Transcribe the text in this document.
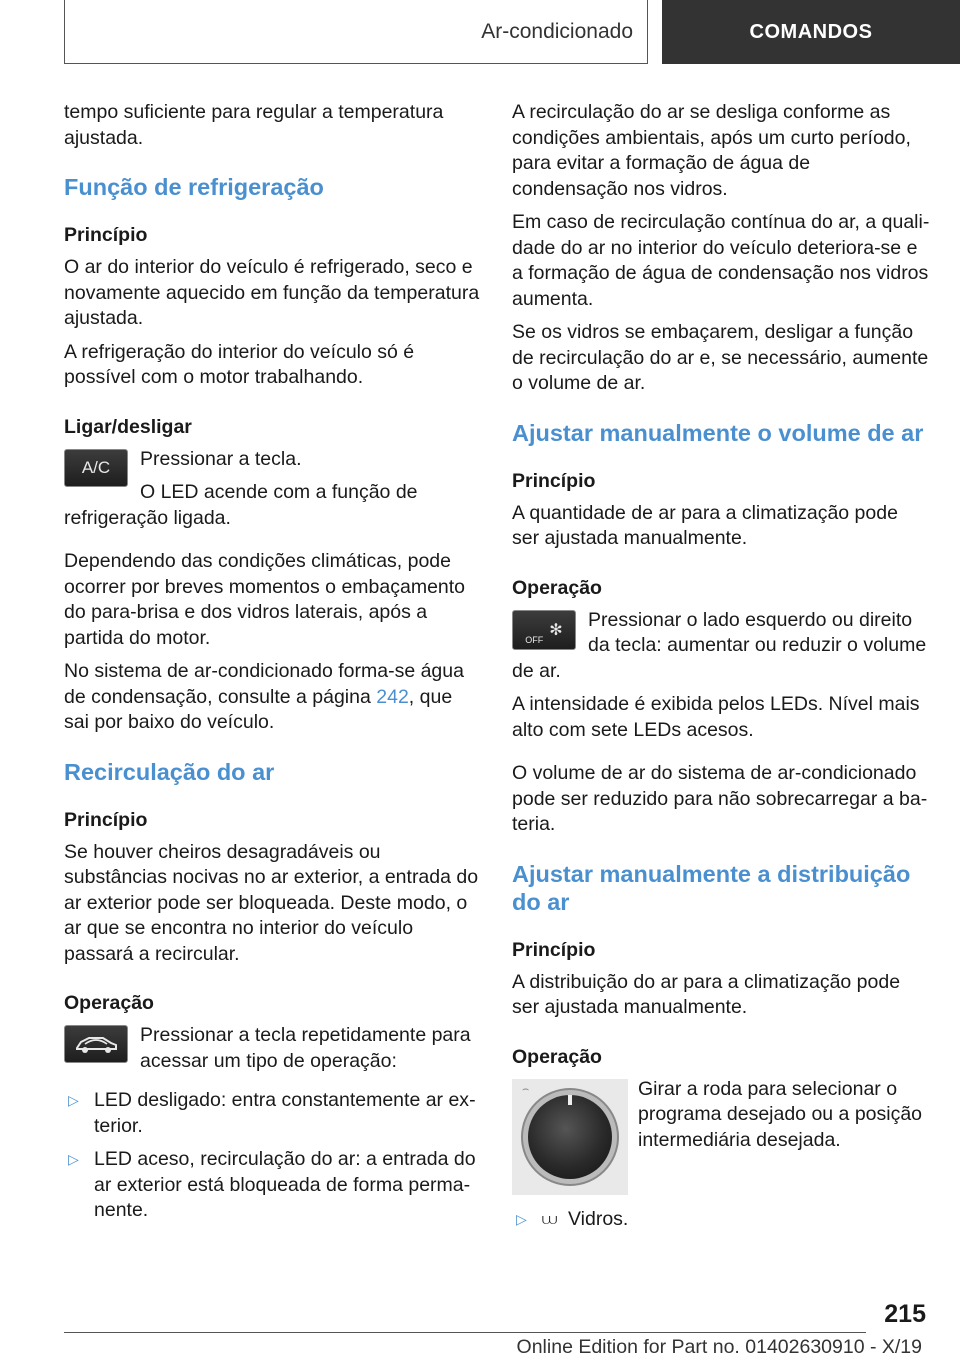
Ar-condicionado	COMANDOS

tempo suficiente para regular a temperatura ajustada.

Função de refrigeração
Princípio

O ar do interior do veículo é refrigerado, seco e novamente aquecido em função da temperatura ajustada.

A refrigeração do interior do veículo só é possível com o motor trabalhando.

Ligar/desligar
A/C	Pressionar a tecla.

O LED acende com a função de refrigeração ligada.

Dependendo das condições climáticas, pode ocorrer por breves momentos o embaçamento do para-brisa e dos vidros laterais, após a partida do motor.

No sistema de ar-condicionado forma-se água de condensação, consulte a página 242, que sai por baixo do veículo.

Recirculação do ar
Princípio

Se houver cheiros desagradáveis ou substâncias nocivas no ar exterior, a entrada do ar exterior pode ser bloqueada. Deste modo, o ar que se encontra no interior do veículo passará a recircular.

Operação

Pressionar a tecla repetidamente para acessar um tipo de operação:

▷ LED desligado: entra constantemente ar exterior.
▷ LED aceso, recirculação do ar: a entrada do ar exterior está bloqueada de forma permanente.

A recirculação do ar se desliga conforme as condições ambientais, após um curto período, para evitar a formação de água de condensação nos vidros.

Em caso de recirculação contínua do ar, a qualidade do ar no interior do veículo deteriora-se e a formação de água de condensação nos vidros aumenta.

Se os vidros se embaçarem, desligar a função de recirculação do ar e, se necessário, aumente o volume de ar.

Ajustar manualmente o volume de ar
Princípio

A quantidade de ar para a climatização pode ser ajustada manualmente.

Operação
OFF
✻	Pressionar o lado esquerdo ou direito da tecla: aumentar ou reduzir o volume de ar.

A intensidade é exibida pelos LEDs. Nível mais alto com sete LEDs acesos.

O volume de ar do sistema de ar-condicionado pode ser reduzido para não sobrecarregar a bateria.

Ajustar manualmente a distribuição do ar
Princípio

A distribuição do ar para a climatização pode ser ajustada manualmente.

Operação
⌢	Girar a roda para selecionar o programa desejado ou a posição intermediária desejada.

▷ ⩊ Vidros.
215
Online Edition for Part no. 01402630910 - X/19
